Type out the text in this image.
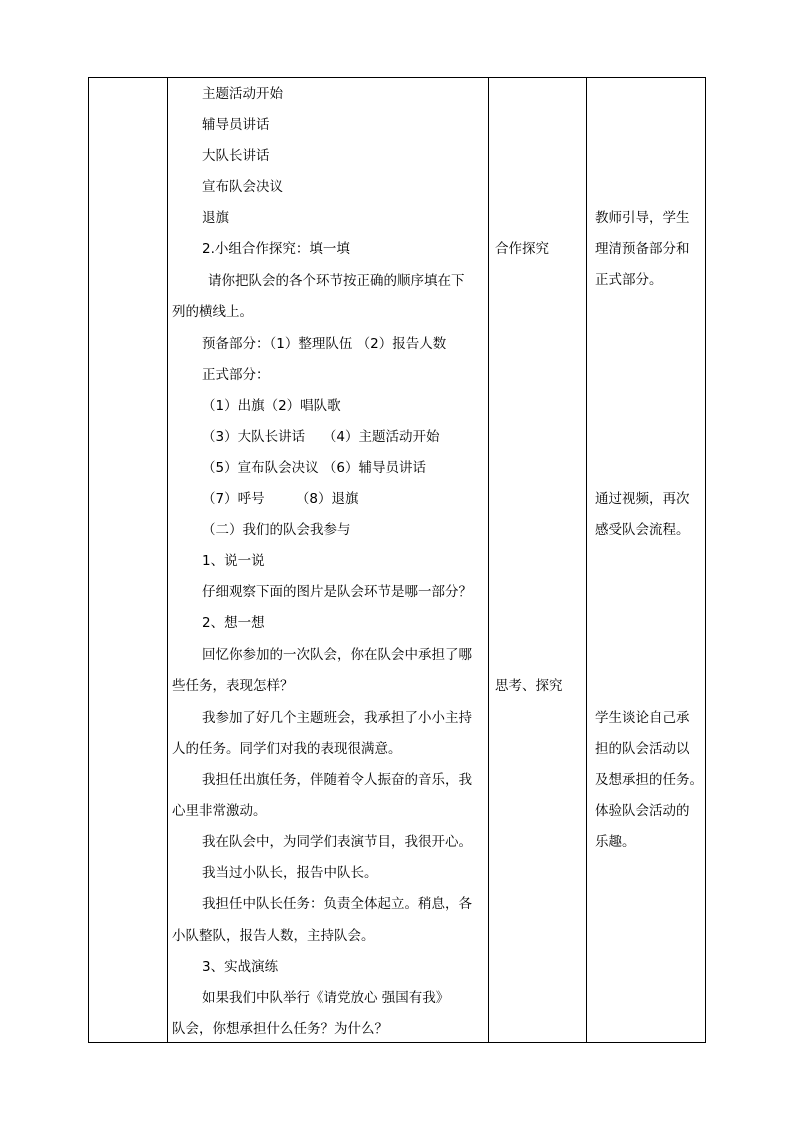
主题活动开始
辅导员讲话
大队长讲话
宣布队会决议
退旗
2.小组合作探究：填一填
请你把队会的各个环节按正确的顺序填在下
列的横线上。
预备部分：（1）整理队伍 （2）报告人数
正式部分：
（1）出旗（2）唱队歌
（3）大队长讲话　 （4）主题活动开始
（5）宣布队会决议 （6）辅导员讲话
（7）呼号　　 （8）退旗
（二）我们的队会我参与
1、说一说
仔细观察下面的图片是队会环节是哪一部分？
2、想一想
回忆你参加的一次队会，你在队会中承担了哪
些任务，表现怎样？
我参加了好几个主题班会，我承担了小小主持
人的任务。同学们对我的表现很满意。
我担任出旗任务，伴随着令人振奋的音乐，我
心里非常激动。
我在队会中，为同学们表演节目，我很开心。
我当过小队长，报告中队长。
我担任中队长任务：负责全体起立。稍息，各
小队整队，报告人数，主持队会。
3、实战演练
如果我们中队举行《请党放心 强国有我》
队会，你想承担什么任务？为什么？
合作探究
思考、探究
教师引导，学生
理清预备部分和
正式部分。
通过视频，再次
感受队会流程。
学生谈论自己承
担的队会活动以
及想承担的任务。
体验队会活动的
乐趣。
